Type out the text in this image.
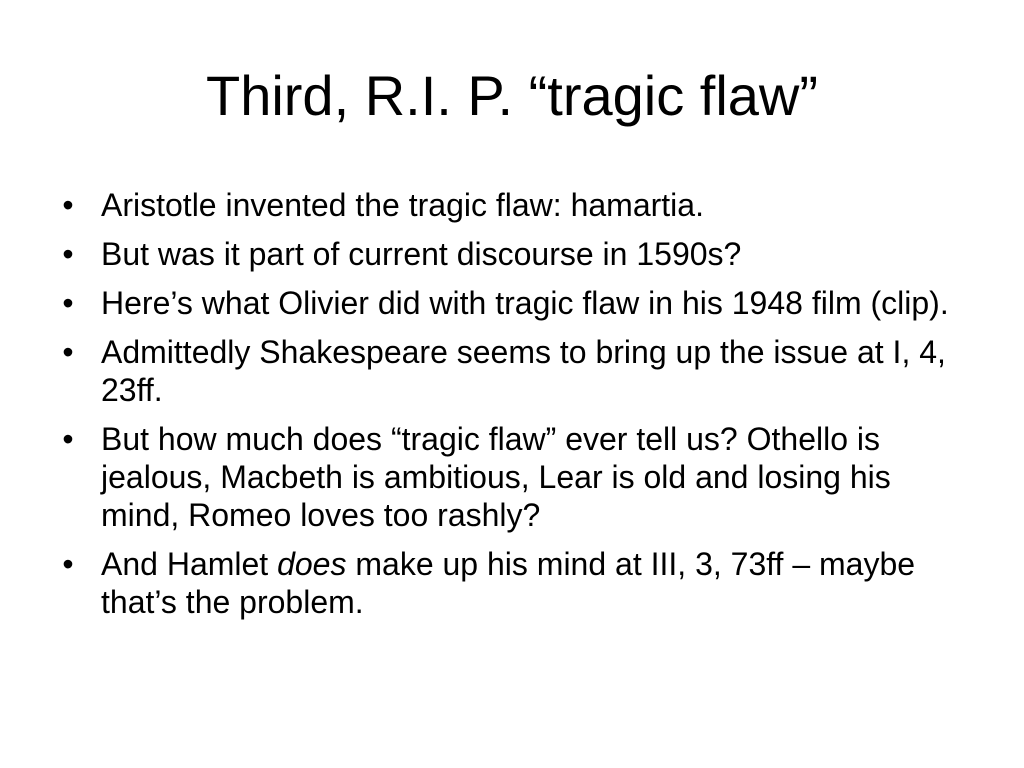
Third, R.I. P. “tragic flaw”
• Aristotle invented the tragic flaw: hamartia.
• But was it part of current discourse in 1590s?
• Here’s what Olivier did with tragic flaw in his 1948 film (clip).
• Admittedly Shakespeare seems to bring up the issue at I, 4, 23ff.
• But how much does “tragic flaw” ever tell us? Othello is jealous, Macbeth is ambitious, Lear is old and losing his mind, Romeo loves too rashly?
• And Hamlet does make up his mind at III, 3, 73ff – maybe that’s the problem.
